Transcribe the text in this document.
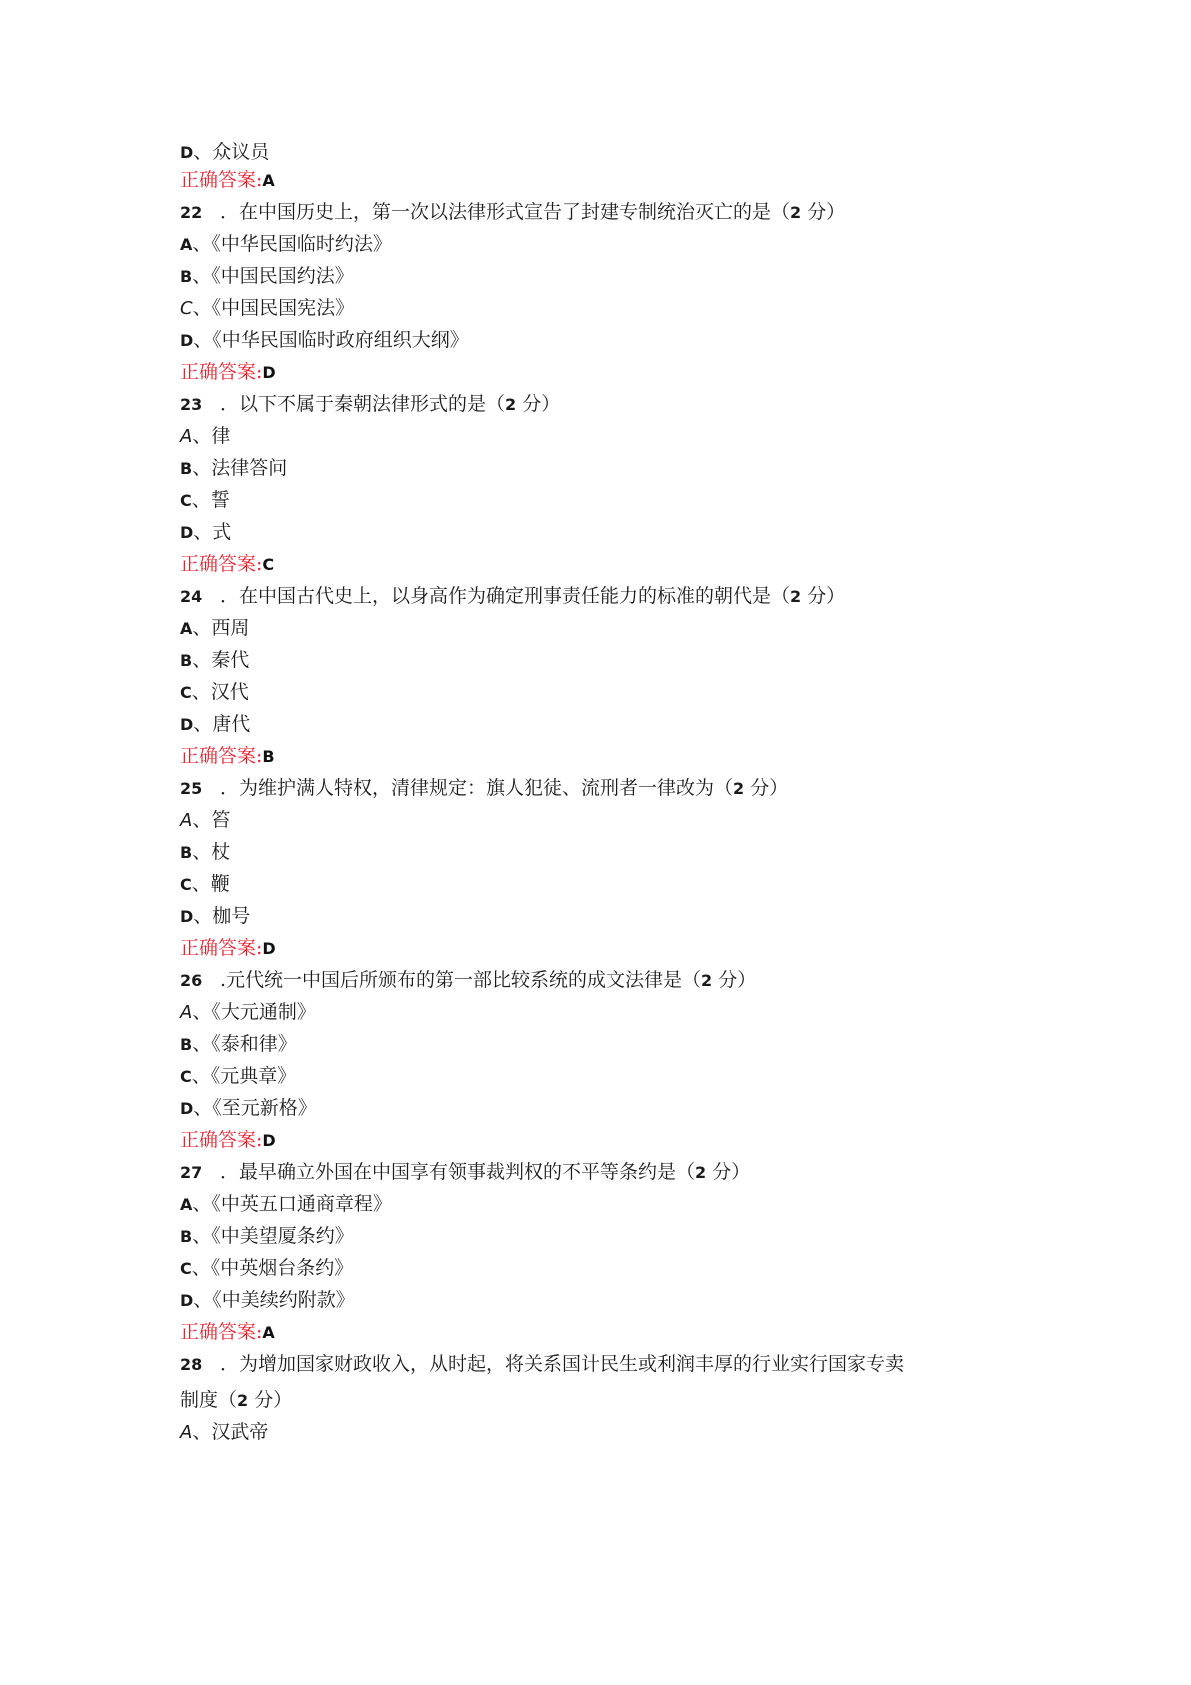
D、众议员
正确答案:A
22 ．在中国历史上，第一次以法律形式宣告了封建专制统治灭亡的是（2 分）
A、《中华民国临时约法》
B、《中国民国约法》
C、《中国民国宪法》
D、《中华民国临时政府组织大纲》
正确答案:D
23 ．以下不属于秦朝法律形式的是（2 分）
A、律
B、法律答问
C、誓
D、式
正确答案:C
24 ．在中国古代史上，以身高作为确定刑事责任能力的标准的朝代是（2 分）
A、西周
B、秦代
C、汉代
D、唐代
正确答案:B
25 ．为维护满人特权，清律规定：旗人犯徒、流刑者一律改为（2 分）
A、笞
B、杖
C、鞭
D、枷号
正确答案:D
26 .元代统一中国后所颁布的第一部比较系统的成文法律是（2 分）
A、《大元通制》
B、《泰和律》
C、《元典章》
D、《至元新格》
正确答案:D
27 ．最早确立外国在中国享有领事裁判权的不平等条约是（2 分）
A、《中英五口通商章程》
B、《中美望厦条约》
C、《中英烟台条约》
D、《中美续约附款》
正确答案:A
28 ．为增加国家财政收入，从时起，将关系国计民生或利润丰厚的行业实行国家专卖
制度（2 分）
A、汉武帝
